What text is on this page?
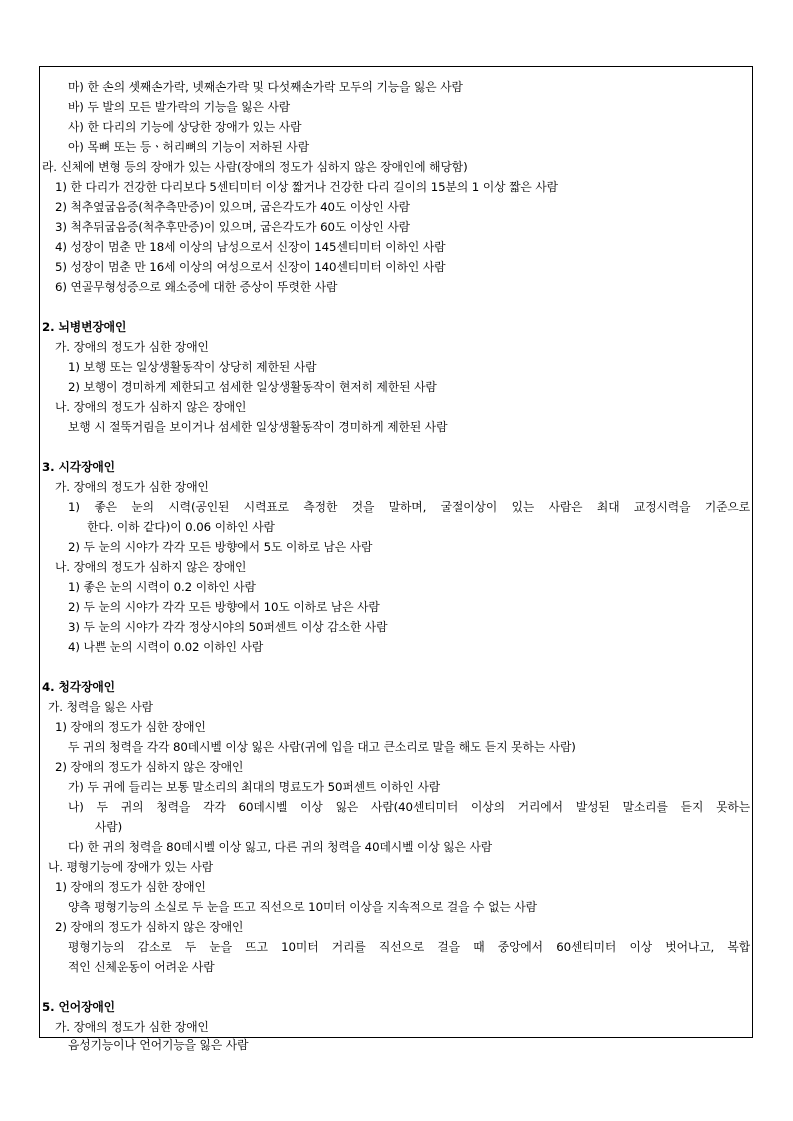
마) 한 손의 셋째손가락, 넷째손가락 및 다섯째손가락 모두의 기능을 잃은 사람
바) 두 발의 모든 발가락의 기능을 잃은 사람
사) 한 다리의 기능에 상당한 장애가 있는 사람
아) 목뼈 또는 등ㆍ허리뼈의 기능이 저하된 사람
라. 신체에 변형 등의 장애가 있는 사람(장애의 정도가 심하지 않은 장애인에 해당함)
1) 한 다리가 건강한 다리보다 5센티미터 이상 짧거나 건강한 다리 길이의 15분의 1 이상 짧은 사람
2) 척추옆굽음증(척추측만증)이 있으며, 굽은각도가 40도 이상인 사람
3) 척추뒤굽음증(척추후만증)이 있으며, 굽은각도가 60도 이상인 사람
4) 성장이 멈춘 만 18세 이상의 남성으로서 신장이 145센티미터 이하인 사람
5) 성장이 멈춘 만 16세 이상의 여성으로서 신장이 140센티미터 이하인 사람
6) 연골무형성증으로 왜소증에 대한 증상이 뚜렷한 사람
2. 뇌병변장애인
가. 장애의 정도가 심한 장애인
1) 보행 또는 일상생활동작이 상당히 제한된 사람
2) 보행이 경미하게 제한되고 섬세한 일상생활동작이 현저히 제한된 사람
나. 장애의 정도가 심하지 않은 장애인
보행 시 절뚝거림을 보이거나 섬세한 일상생활동작이 경미하게 제한된 사람
3. 시각장애인
가. 장애의 정도가 심한 장애인
1) 좋은 눈의 시력(공인된 시력표로 측정한 것을 말하며, 굴절이상이 있는 사람은 최대 교정시력을 기준으로
한다. 이하 같다)이 0.06 이하인 사람
2) 두 눈의 시야가 각각 모든 방향에서 5도 이하로 남은 사람
나. 장애의 정도가 심하지 않은 장애인
1) 좋은 눈의 시력이 0.2 이하인 사람
2) 두 눈의 시야가 각각 모든 방향에서 10도 이하로 남은 사람
3) 두 눈의 시야가 각각 정상시야의 50퍼센트 이상 감소한 사람
4) 나쁜 눈의 시력이 0.02 이하인 사람
4. 청각장애인
가. 청력을 잃은 사람
1) 장애의 정도가 심한 장애인
두 귀의 청력을 각각 80데시벨 이상 잃은 사람(귀에 입을 대고 큰소리로 말을 해도 듣지 못하는 사람)
2) 장애의 정도가 심하지 않은 장애인
가) 두 귀에 들리는 보통 말소리의 최대의 명료도가 50퍼센트 이하인 사람
나) 두 귀의 청력을 각각 60데시벨 이상 잃은 사람(40센티미터 이상의 거리에서 발성된 말소리를 듣지 못하는
사람)
다) 한 귀의 청력을 80데시벨 이상 잃고, 다른 귀의 청력을 40데시벨 이상 잃은 사람
나. 평형기능에 장애가 있는 사람
1) 장애의 정도가 심한 장애인
양측 평형기능의 소실로 두 눈을 뜨고 직선으로 10미터 이상을 지속적으로 걸을 수 없는 사람
2) 장애의 정도가 심하지 않은 장애인
평형기능의 감소로 두 눈을 뜨고 10미터 거리를 직선으로 걸을 때 중앙에서 60센티미터 이상 벗어나고, 복합
적인 신체운동이 어려운 사람
5. 언어장애인
가. 장애의 정도가 심한 장애인
음성기능이나 언어기능을 잃은 사람
